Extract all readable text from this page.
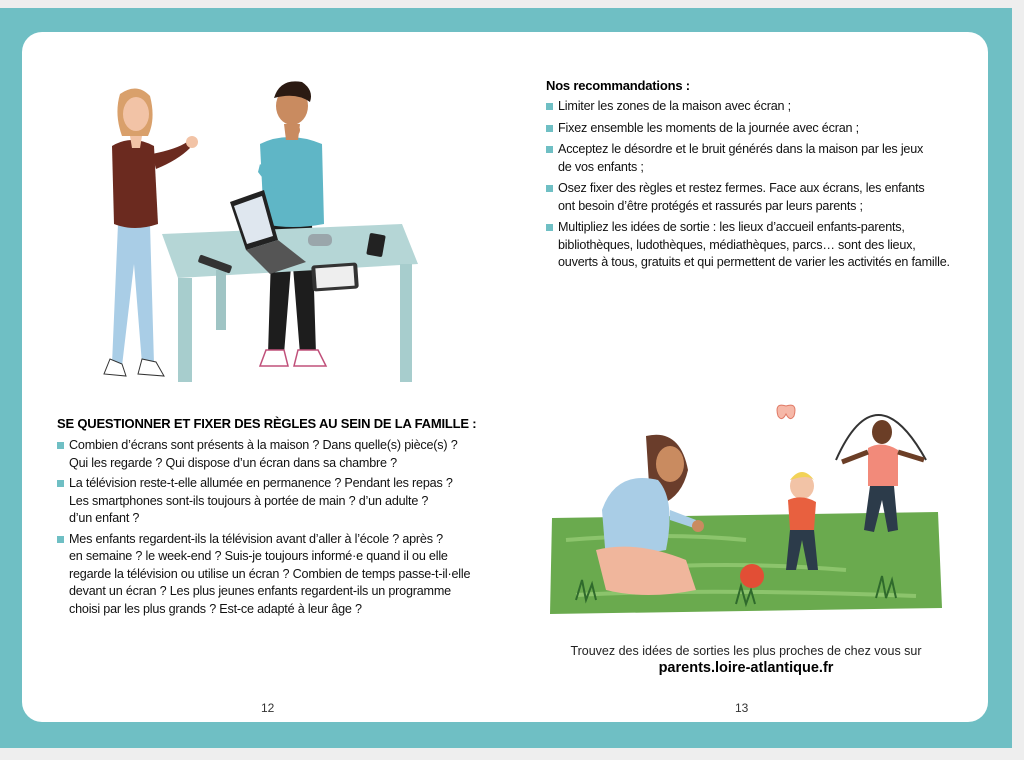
SE QUESTIONNER ET FIXER DES RÈGLES AU SEIN DE LA FAMILLE :
Combien d’écrans sont présents à la maison ? Dans quelle(s) pièce(s) ?
Qui les regarde ? Qui dispose d’un écran dans sa chambre ?
La télévision reste-t-elle allumée en permanence ? Pendant les repas ?
Les smartphones sont-ils toujours à portée de main ? d’un adulte ?
d’un enfant ?
Mes enfants regardent-ils la télévision avant d’aller à l’école ? après ?
en semaine ? le week-end ? Suis-je toujours informé·e quand il ou elle
regarde la télévision ou utilise un écran ? Combien de temps passe-t-il·elle
devant un écran ? Les plus jeunes enfants regardent-ils un programme
choisi par les plus grands ? Est-ce adapté à leur âge ?
12
Nos recommandations :
Limiter les zones de la maison avec écran ;
Fixez ensemble les moments de la journée avec écran ;
Acceptez le désordre et le bruit générés dans la maison par les jeux
de vos enfants ;
Osez fixer des règles et restez fermes. Face aux écrans, les enfants
ont besoin d’être protégés et rassurés par leurs parents ;
Multipliez les idées de sortie : les lieux d’accueil enfants-parents,
bibliothèques, ludothèques, médiathèques, parcs… sont des lieux,
ouverts à tous, gratuits et qui permettent de varier les activités en famille.
Trouvez des idées de sorties les plus proches de chez vous sur
parents.loire-atlantique.fr
13
